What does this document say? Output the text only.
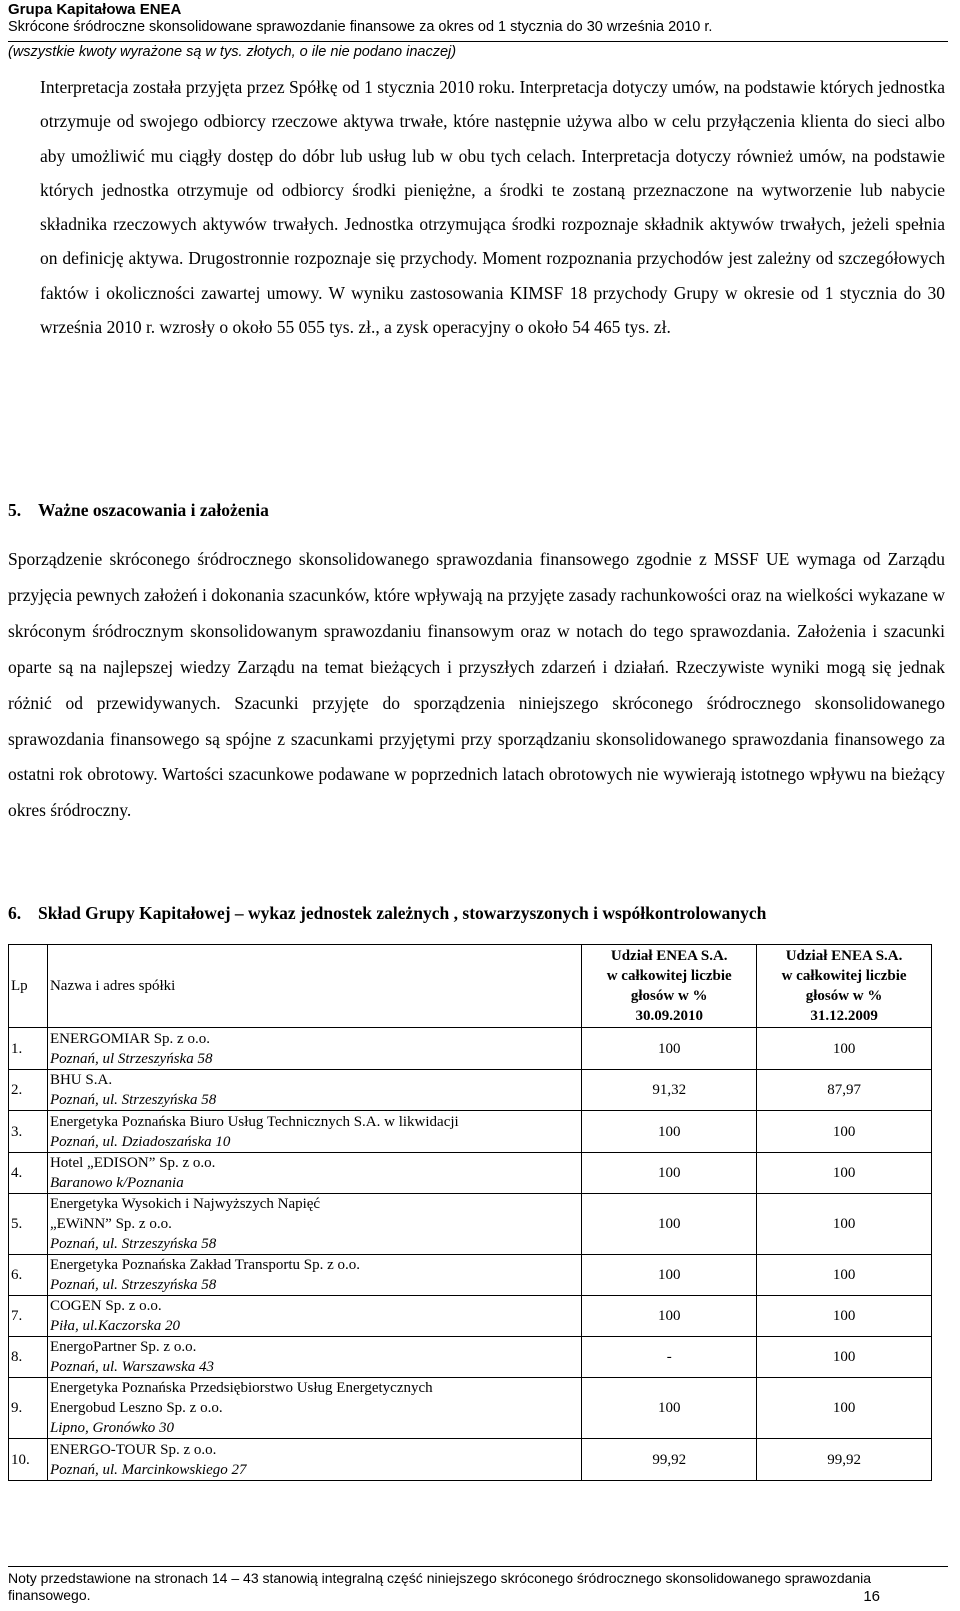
Grupa Kapitałowa ENEA
Skrócone śródroczne skonsolidowane sprawozdanie finansowe za okres od 1 stycznia do 30 września 2010 r.
(wszystkie kwoty wyrażone są w tys. złotych, o ile nie podano inaczej)
Interpretacja została przyjęta przez Spółkę od 1 stycznia 2010 roku. Interpretacja dotyczy umów, na podstawie których jednostka otrzymuje od swojego odbiorcy rzeczowe aktywa trwałe, które następnie używa albo w celu przyłączenia klienta do sieci albo aby umożliwić mu ciągły dostęp do dóbr lub usług lub w obu tych celach. Interpretacja dotyczy również umów, na podstawie których jednostka otrzymuje od odbiorcy środki pieniężne, a środki te zostaną przeznaczone na wytworzenie lub nabycie składnika rzeczowych aktywów trwałych. Jednostka otrzymująca środki rozpoznaje składnik aktywów trwałych, jeżeli spełnia on definicję aktywa. Drugostronnie rozpoznaje się przychody. Moment rozpoznania przychodów jest zależny od szczegółowych faktów i okoliczności zawartej umowy. W wyniku zastosowania KIMSF 18 przychody Grupy w okresie od 1 stycznia do 30 września 2010 r. wzrosły o około 55 055 tys. zł., a zysk operacyjny o około 54 465 tys. zł.
5. Ważne oszacowania i założenia
Sporządzenie skróconego śródrocznego skonsolidowanego sprawozdania finansowego zgodnie z MSSF UE wymaga od Zarządu przyjęcia pewnych założeń i dokonania szacunków, które wpływają na przyjęte zasady rachunkowości oraz na wielkości wykazane w skróconym śródrocznym skonsolidowanym sprawozdaniu finansowym oraz w notach do tego sprawozdania. Założenia i szacunki oparte są na najlepszej wiedzy Zarządu na temat bieżących i przyszłych zdarzeń i działań. Rzeczywiste wyniki mogą się jednak różnić od przewidywanych. Szacunki przyjęte do sporządzenia niniejszego skróconego śródrocznego skonsolidowanego sprawozdania finansowego są spójne z szacunkami przyjętymi przy sporządzaniu skonsolidowanego sprawozdania finansowego za ostatni rok obrotowy. Wartości szacunkowe podawane w poprzednich latach obrotowych nie wywierają istotnego wpływu na bieżący okres śródroczny.
6. Skład Grupy Kapitałowej – wykaz jednostek zależnych , stowarzyszonych i współkontrolowanych
Lp	Nazwa i adres spółki	Udział ENEA S.A.
w całkowitej liczbie
głosów w %
30.09.2010	Udział ENEA S.A.
w całkowitej liczbie
głosów w %
31.12.2009

1.	ENERGOMIAR Sp. z o.o.
Poznań, ul Strzeszyńska 58	100	100
2.	BHU S.A.
Poznań, ul. Strzeszyńska 58	91,32	87,97
3.	Energetyka Poznańska Biuro Usług Technicznych S.A. w likwidacji
Poznań, ul. Dziadoszańska 10	100	100
4.	Hotel „EDISON” Sp. z o.o.
Baranowo k/Poznania	100	100
5.	Energetyka Wysokich i Najwyższych Napięć
„EWiNN” Sp. z o.o.
Poznań, ul. Strzeszyńska 58	100	100
6.	Energetyka Poznańska Zakład Transportu Sp. z o.o.
Poznań, ul. Strzeszyńska 58	100	100
7.	COGEN Sp. z o.o.
Piła, ul.Kaczorska 20	100	100
8.	EnergoPartner Sp. z o.o.
Poznań, ul. Warszawska 43	-	100
9.	Energetyka Poznańska Przedsiębiorstwo Usług Energetycznych
Energobud Leszno Sp. z o.o.
Lipno, Gronówko 30	100	100
10.	ENERGO-TOUR Sp. z o.o.
Poznań, ul. Marcinkowskiego 27	99,92	99,92
Noty przedstawione na stronach 14 – 43 stanowią integralną część niniejszego skróconego śródrocznego skonsolidowanego sprawozdania finansowego.	16
